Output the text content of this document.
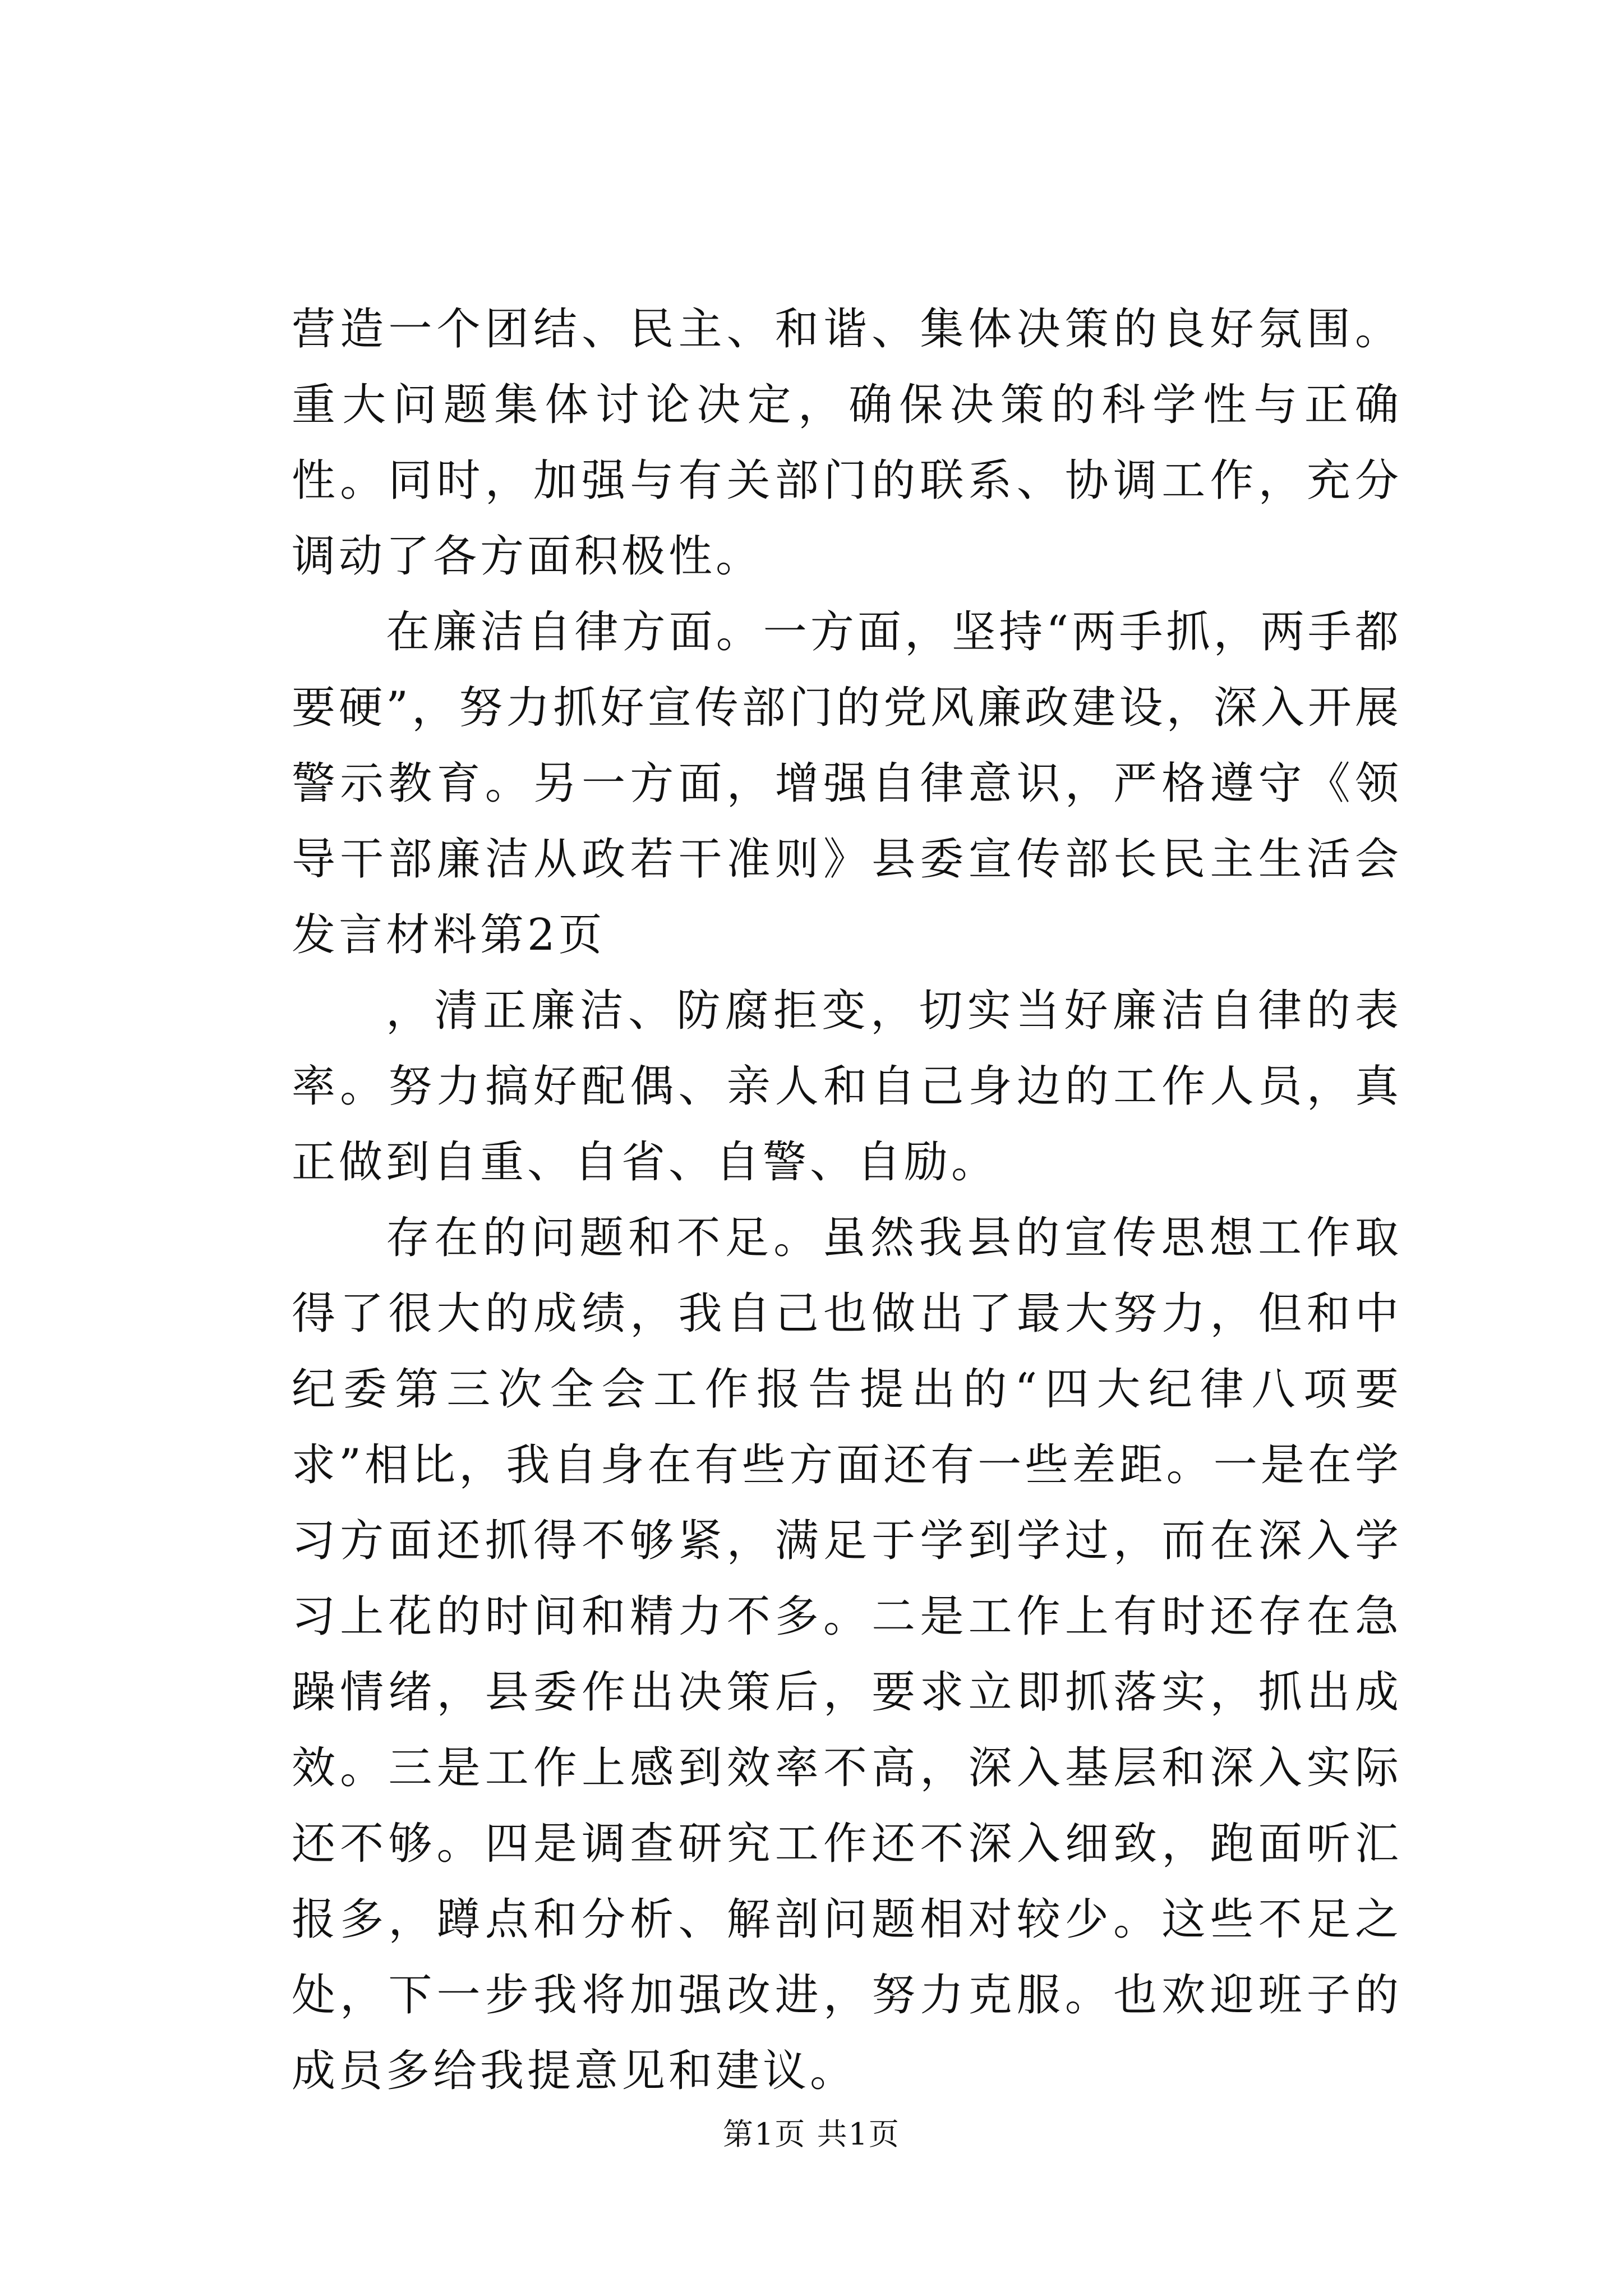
营造一个团结、民主、和谐、集体决策的良好氛围。重大问题集体讨论决定，确保决策的科学性与正确性。同时，加强与有关部门的联系、协调工作，充分调动了各方面积极性。

在廉洁自律方面。一方面，坚持“两手抓，两手都要硬”，努力抓好宣传部门的党风廉政建设，深入开展警示教育。另一方面，增强自律意识，严格遵守《领导干部廉洁从政若干准则》县委宣传部长民主生活会发言材料第2页

，清正廉洁、防腐拒变，切实当好廉洁自律的表率。努力搞好配偶、亲人和自己身边的工作人员，真正做到自重、自省、自警、自励。

存在的问题和不足。虽然我县的宣传思想工作取得了很大的成绩，我自己也做出了最大努力，但和中纪委第三次全会工作报告提出的“四大纪律八项要求”相比，我自身在有些方面还有一些差距。一是在学习方面还抓得不够紧，满足于学到学过，而在深入学习上花的时间和精力不多。二是工作上有时还存在急躁情绪，县委作出决策后，要求立即抓落实，抓出成效。三是工作上感到效率不高，深入基层和深入实际还不够。四是调查研究工作还不深入细致，跑面听汇报多，蹲点和分析、解剖问题相对较少。这些不足之处，下一步我将加强改进，努力克服。也欢迎班子的成员多给我提意见和建议。

第1页 共1页
